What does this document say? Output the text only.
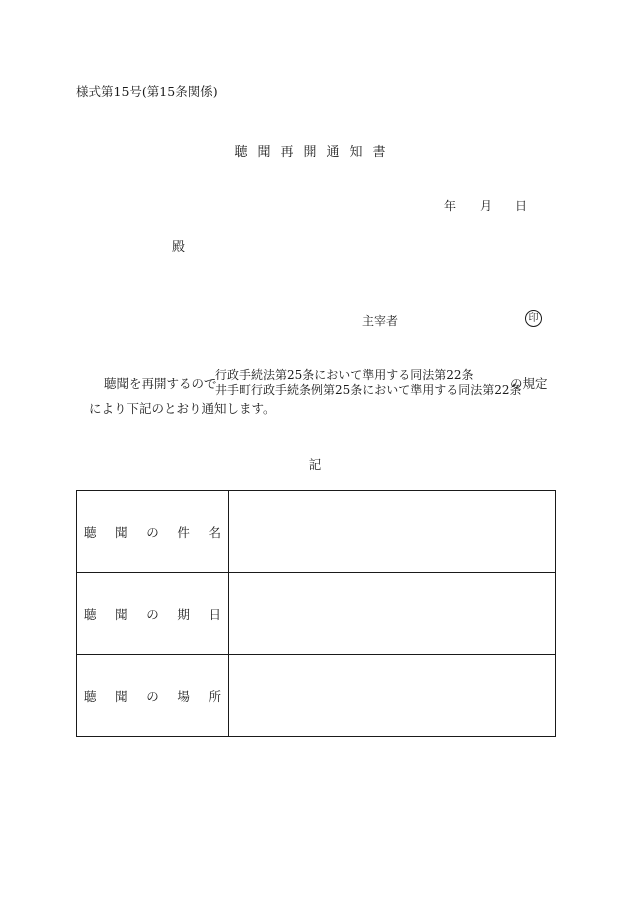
様式第15号(第15条関係)
聴聞再開通知書
年 月 日
殿
主宰者	印
聴聞を再開するので
行政手続法第25条において準用する同法第22条
井手町行政手続条例第25条において準用する同法第22条
の規定
により下記のとおり通知します。
記
聴聞の件名	
聴聞の期日	
聴聞の場所	
